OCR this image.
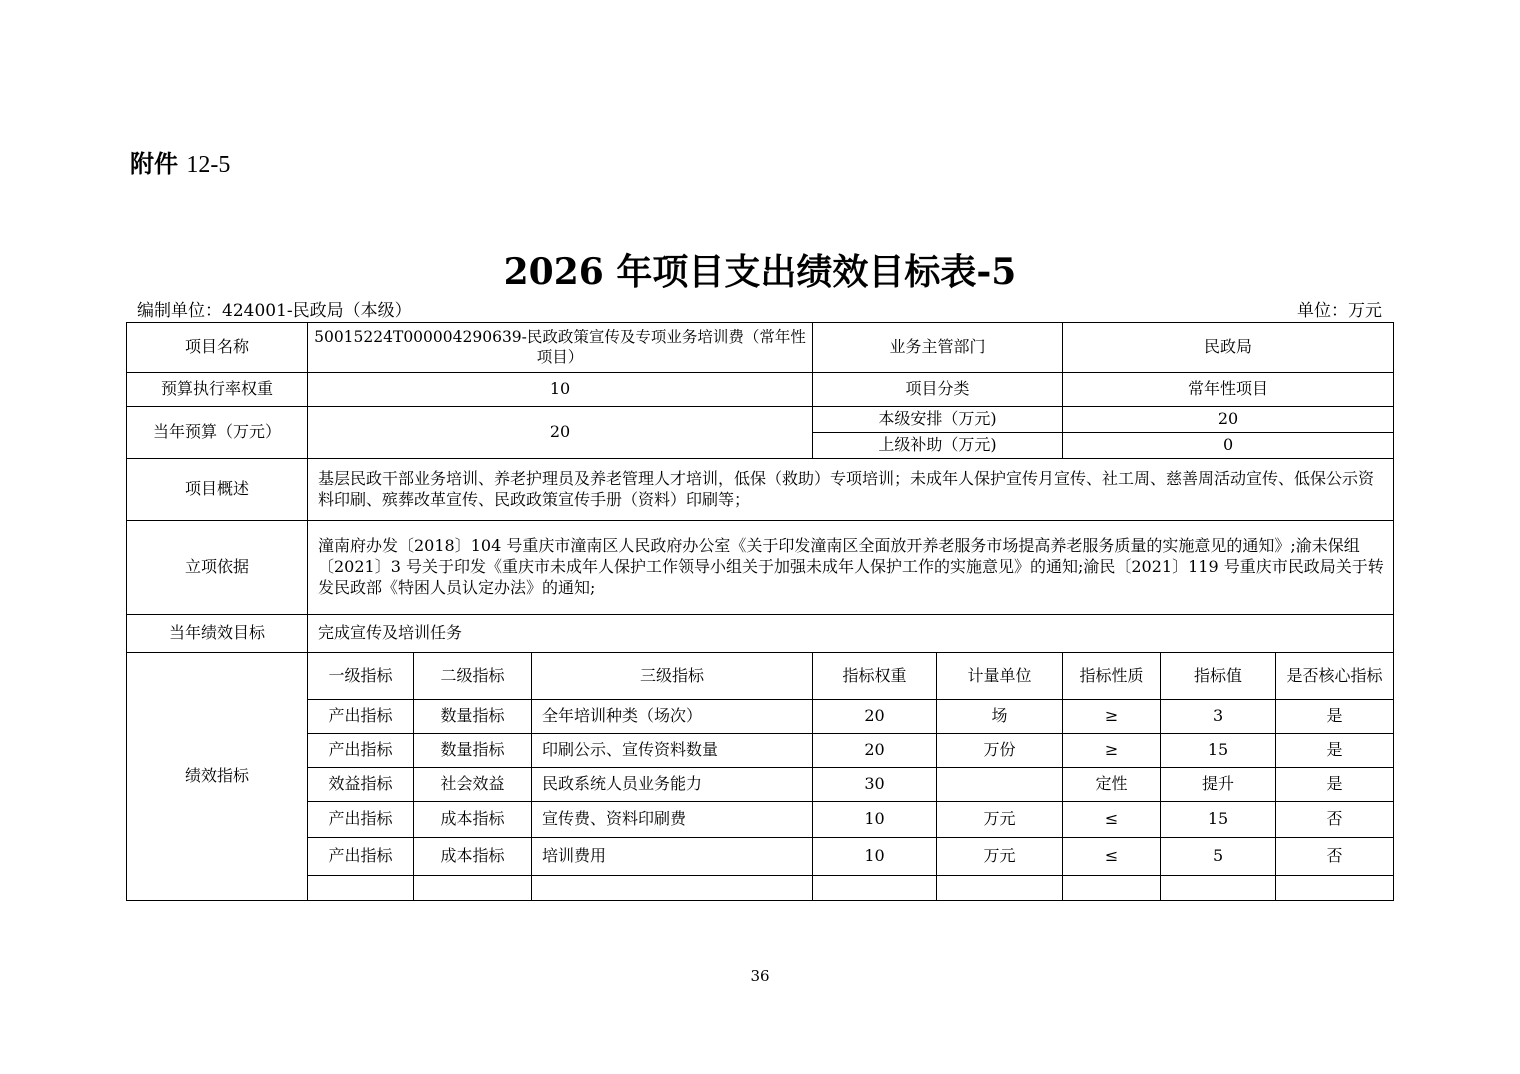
附件 12-5
2026 年项目支出绩效目标表-5
编制单位：424001-民政局（本级）	单位：万元
项目名称	50015224T000004290639-民政政策宣传及专项业务培训费（常年性项目）			业务主管部门		民政局		
预算执行率权重	10			项目分类		常年性项目		
当年预算（万元）	20			本级安排（万元)		20		
				上级补助（万元)		0		
项目概述	基层民政干部业务培训、养老护理员及养老管理人才培训，低保（救助）专项培训；未成年人保护宣传月宣传、社工周、慈善周活动宣传、低保公示资料印刷、殡葬改革宣传、民政政策宣传手册（资料）印刷等；							
立项依据	潼南府办发〔2018〕104 号重庆市潼南区人民政府办公室《关于印发潼南区全面放开养老服务市场提高养老服务质量的实施意见的通知》;渝未保组〔2021〕3 号关于印发《重庆市未成年人保护工作领导小组关于加强未成年人保护工作的实施意见》的通知;渝民〔2021〕119 号重庆市民政局关于转发民政部《特困人员认定办法》的通知;							
当年绩效目标	完成宣传及培训任务							
绩效指标	一级指标	二级指标	三级指标	指标权重	计量单位	指标性质	指标值	是否核心指标
	产出指标	数量指标	全年培训种类（场次）	20	场	≥	3	是
	产出指标	数量指标	印刷公示、宣传资料数量	20	万份	≥	15	是
	效益指标	社会效益	民政系统人员业务能力	30		定性	提升	是
	产出指标	成本指标	宣传费、资料印刷费	10	万元	≤	15	否
	产出指标	成本指标	培训费用	10	万元	≤	5	否

36
